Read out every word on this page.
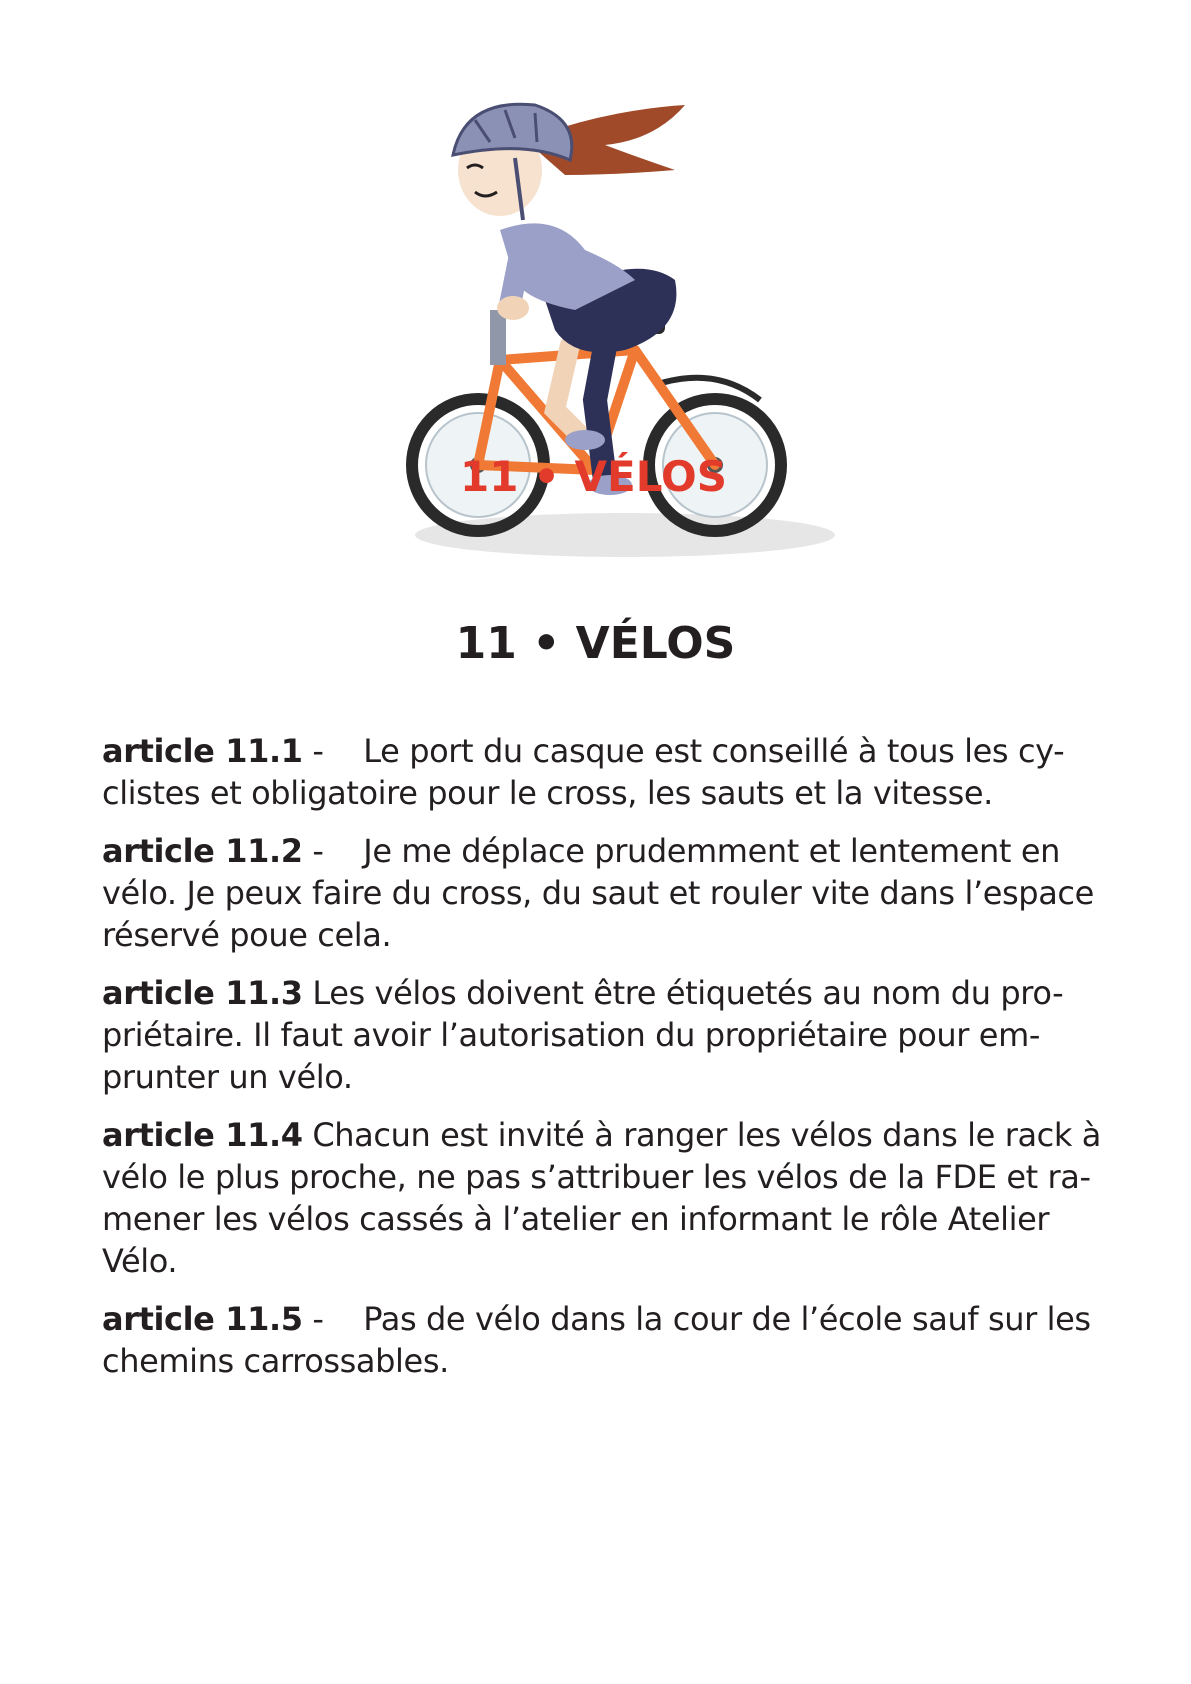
11 • VÉLOS
11 • VÉLOS

article 11.1 - Le port du casque est conseillé à tous les cy-clistes et obligatoire pour le cross, les sauts et la vitesse.

article 11.2 - Je me déplace prudemment et lentement en vélo. Je peux faire du cross, du saut et rouler vite dans l’espace réservé poue cela.

article 11.3 Les vélos doivent être étiquetés au nom du pro-priétaire. Il faut avoir l’autorisation du propriétaire pour em-prunter un vélo.

article 11.4 Chacun est invité à ranger les vélos dans le rack à vélo le plus proche, ne pas s’attribuer les vélos de la FDE et ra-mener les vélos cassés à l’atelier en informant le rôle Atelier Vélo.

article 11.5 - Pas de vélo dans la cour de l’école sauf sur les chemins carrossables.
